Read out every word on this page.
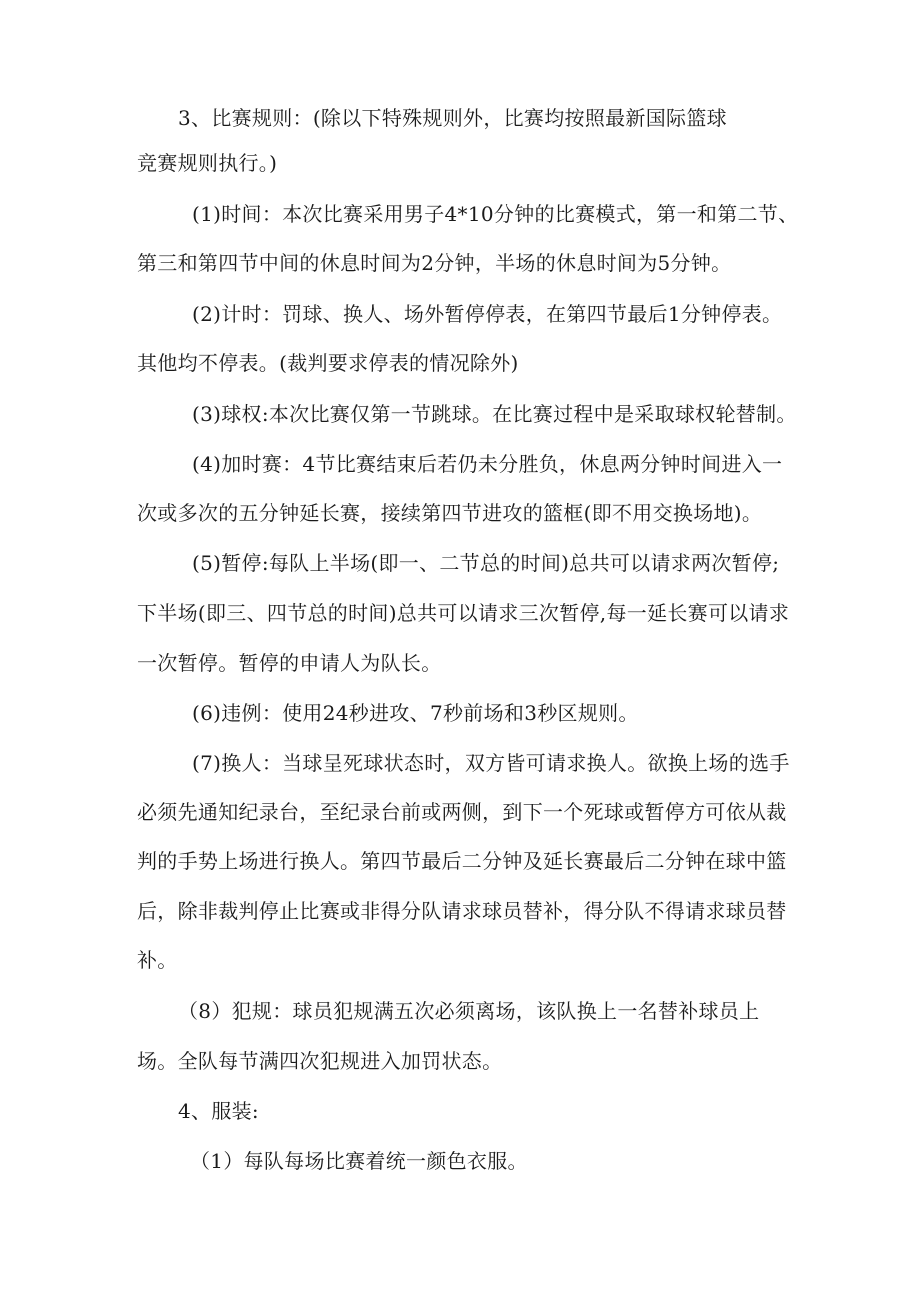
3、比赛规则：(除以下特殊规则外，比赛均按照最新国际篮球
竞赛规则执行。)
(1)时间：本次比赛采用男子4*10分钟的比赛模式，第一和第二节、
第三和第四节中间的休息时间为2分钟，半场的休息时间为5分钟。
(2)计时：罚球、换人、场外暂停停表，在第四节最后1分钟停表。
其他均不停表。(裁判要求停表的情况除外)
(3)球权:本次比赛仅第一节跳球。在比赛过程中是采取球权轮替制。
(4)加时赛：4节比赛结束后若仍未分胜负，休息两分钟时间进入一
次或多次的五分钟延长赛，接续第四节进攻的篮框(即不用交换场地)。
(5)暂停:每队上半场(即一、二节总的时间)总共可以请求两次暂停;
下半场(即三、四节总的时间)总共可以请求三次暂停,每一延长赛可以请求
一次暂停。暂停的申请人为队长。
(6)违例：使用24秒进攻、7秒前场和3秒区规则。
(7)换人：当球呈死球状态时，双方皆可请求换人。欲换上场的选手
必须先通知纪录台，至纪录台前或两侧，到下一个死球或暂停方可依从裁
判的手势上场进行换人。第四节最后二分钟及延长赛最后二分钟在球中篮
后，除非裁判停止比赛或非得分队请求球员替补，得分队不得请求球员替
补。
（8）犯规：球员犯规满五次必须离场，该队换上一名替补球员上
场。全队每节满四次犯规进入加罚状态。
4、服装:
（1）每队每场比赛着统一颜色衣服。
